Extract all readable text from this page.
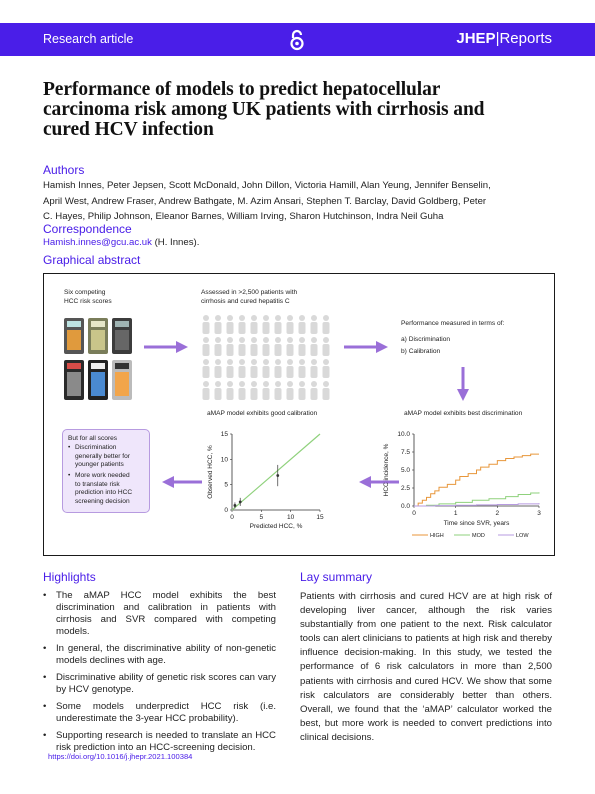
Research article	JHEP|Reports
Performance of models to predict hepatocellular
carcinoma risk among UK patients with cirrhosis and
cured HCV infection
Authors
Hamish Innes, Peter Jepsen, Scott McDonald, John Dillon, Victoria Hamill, Alan Yeung, Jennifer Benselin,
April West, Andrew Fraser, Andrew Bathgate, M. Azim Ansari, Stephen T. Barclay, David Goldberg, Peter
C. Hayes, Philip Johnson, Eleanor Barnes, William Irving, Sharon Hutchinson, Indra Neil Guha
Correspondence
Hamish.innes@gcu.ac.uk (H. Innes).
Graphical abstract
Six competing
HCC risk scores
Assessed in >2,500 patients with
cirrhosis and cured hepatitis C
Performance measured in terms of:
a) Discrimination
b) Calibration
aMAP model exhibits good calibration	aMAP model exhibits best discrimination
But for all scores
• Discrimination
generally better for
younger patients
• More work needed
to translate risk
prediction into HCC
screening decision
0	5	10	15
0
5
10
15
Predicted HCC, %
Observed HCC, %
0	1	2	3
0.0
2.5
5.0
7.5
10.0
Time since SVR, years
HCC incidence, %
HIGH	MOD	LOW
Highlights
• The aMAP HCC model exhibits the best discrimination and calibration in patients with cirrhosis and SVR compared with competing models.
• In general, the discriminative ability of non-genetic models declines with age.
• Discriminative ability of genetic risk scores can vary by HCV genotype.
• Some models underpredict HCC risk (i.e. underestimate the 3-year HCC probability).
• Supporting research is needed to translate an HCC risk prediction into an HCC-screening decision.
Lay summary

Patients with cirrhosis and cured HCV are at high risk of developing liver cancer, although the risk varies substantially from one patient to the next. Risk calculator tools can alert clinicians to patients at high risk and thereby influence decision-making. In this study, we tested the performance of 6 risk calculators in more than 2,500 patients with cirrhosis and cured HCV. We show that some risk calculators are considerably better than others. Overall, we found that the ‘aMAP’ calculator worked the best, but more work is needed to convert predictions into clinical decisions.

https://doi.org/10.1016/j.jhepr.2021.100384
